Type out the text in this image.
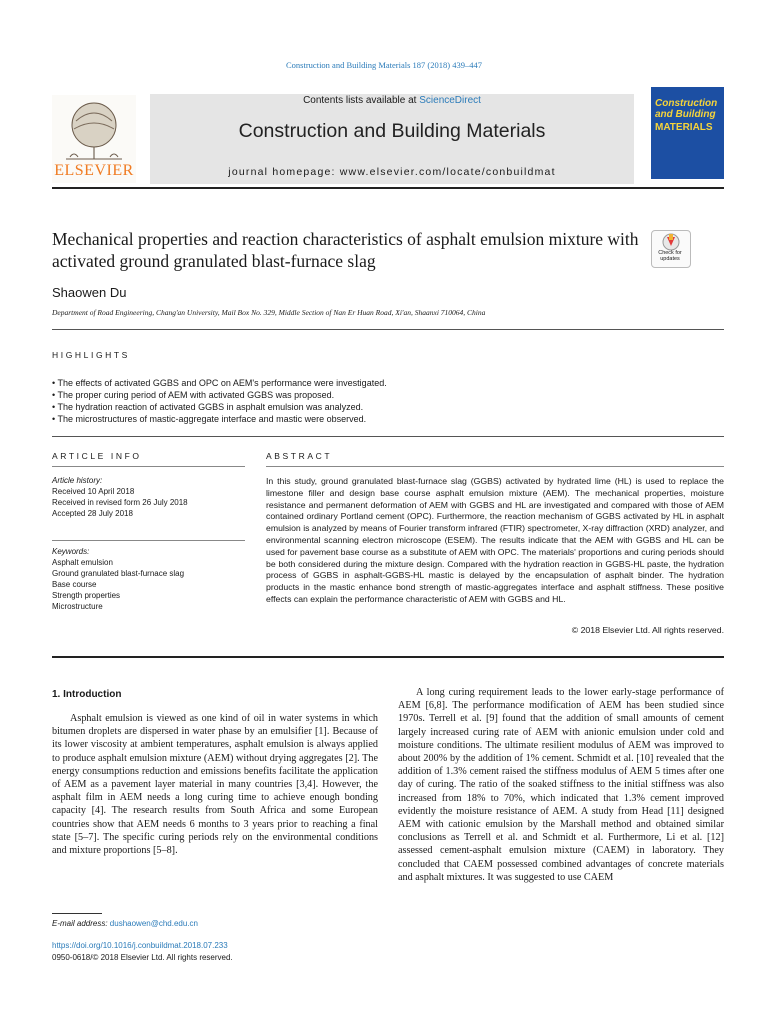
Construction and Building Materials 187 (2018) 439–447
ELSEVIER
Contents lists available at ScienceDirect
Construction and Building Materials
journal homepage: www.elsevier.com/locate/conbuildmat
Construction and Building
MATERIALS
Mechanical properties and reaction characteristics of asphalt emulsion mixture with activated ground granulated blast-furnace slag	Check for updates
Shaowen Du
Department of Road Engineering, Chang'an University, Mail Box No. 329, Middle Section of Nan Er Huan Road, Xi'an, Shaanxi 710064, China
HIGHLIGHTS
• The effects of activated GGBS and OPC on AEM's performance were investigated.
• The proper curing period of AEM with activated GGBS was proposed.
• The hydration reaction of activated GGBS in asphalt emulsion was analyzed.
• The microstructures of mastic-aggregate interface and mastic were observed.
ARTICLE INFO
Article history:
Received 10 April 2018
Received in revised form 26 July 2018
Accepted 28 July 2018
Keywords:
Asphalt emulsion
Ground granulated blast-furnace slag
Base course
Strength properties
Microstructure
ABSTRACT
In this study, ground granulated blast-furnace slag (GGBS) activated by hydrated lime (HL) is used to replace the limestone filler and design base course asphalt emulsion mixture (AEM). The mechanical properties, moisture resistance and permanent deformation of AEM with GGBS and HL are investigated and compared with those of AEM contained ordinary Portland cement (OPC). Furthermore, the reaction mechanism of GGBS activated by HL in asphalt emulsion is analyzed by means of Fourier transform infrared (FTIR) spectrometer, X-ray diffraction (XRD) analyzer, and environmental scanning electron microscope (ESEM). The results indicate that the AEM with GGBS and HL can be used for pavement base course as a substitute of AEM with OPC. The materials' proportions and curing periods should be both considered during the mixture design. Compared with the hydration reaction in GGBS-HL paste, the hydration process of GGBS in asphalt-GGBS-HL mastic is delayed by the encapsulation of asphalt binder. The hydration products in the mastic enhance bond strength of mastic-aggregates interface and asphalt stiffness. These positive effects can explain the performance characteristic of AEM with GGBS and HL.
© 2018 Elsevier Ltd. All rights reserved.
1. Introduction

Asphalt emulsion is viewed as one kind of oil in water systems in which bitumen droplets are dispersed in water phase by an emulsifier [1]. Because of its lower viscosity at ambient temperatures, asphalt emulsion is always applied to produce asphalt emulsion mixture (AEM) without drying aggregates [2]. The energy consumptions reduction and emissions benefits facilitate the application of AEM as a pavement layer material in many countries [3,4]. However, the asphalt film in AEM needs a long curing time to achieve enough bonding capacity [4]. The research results from South Africa and some European countries show that AEM needs 6 months to 3 years prior to reaching a final state [5–7]. The specific curing periods rely on the environmental conditions and mixture proportions [5–8].

A long curing requirement leads to the lower early-stage performance of AEM [6,8]. The performance modification of AEM has been studied since 1970s. Terrell et al. [9] found that the addition of small amounts of cement largely increased curing rate of AEM with anionic emulsion under cold and moisture conditions. The ultimate resilient modulus of AEM was improved to about 200% by the addition of 1% cement. Schmidt et al. [10] revealed that the addition of 1.3% cement raised the stiffness modulus of AEM 5 times after one day of curing. The ratio of the soaked stiffness to the initial stiffness was also increased from 18% to 70%, which indicated that 1.3% cement improved evidently the moisture resistance of AEM. A study from Head [11] designed AEM with cationic emulsion by the Marshall method and obtained similar conclusions as Terrell et al. and Schmidt et al. Furthermore, Li et al. [12] assessed cement-asphalt emulsion mixture (CAEM) in laboratory. They concluded that CAEM possessed combined advantages of concrete materials and asphalt mixtures. It was suggested to use CAEM

E-mail address: dushaowen@chd.edu.cn
https://doi.org/10.1016/j.conbuildmat.2018.07.233
0950-0618/© 2018 Elsevier Ltd. All rights reserved.
